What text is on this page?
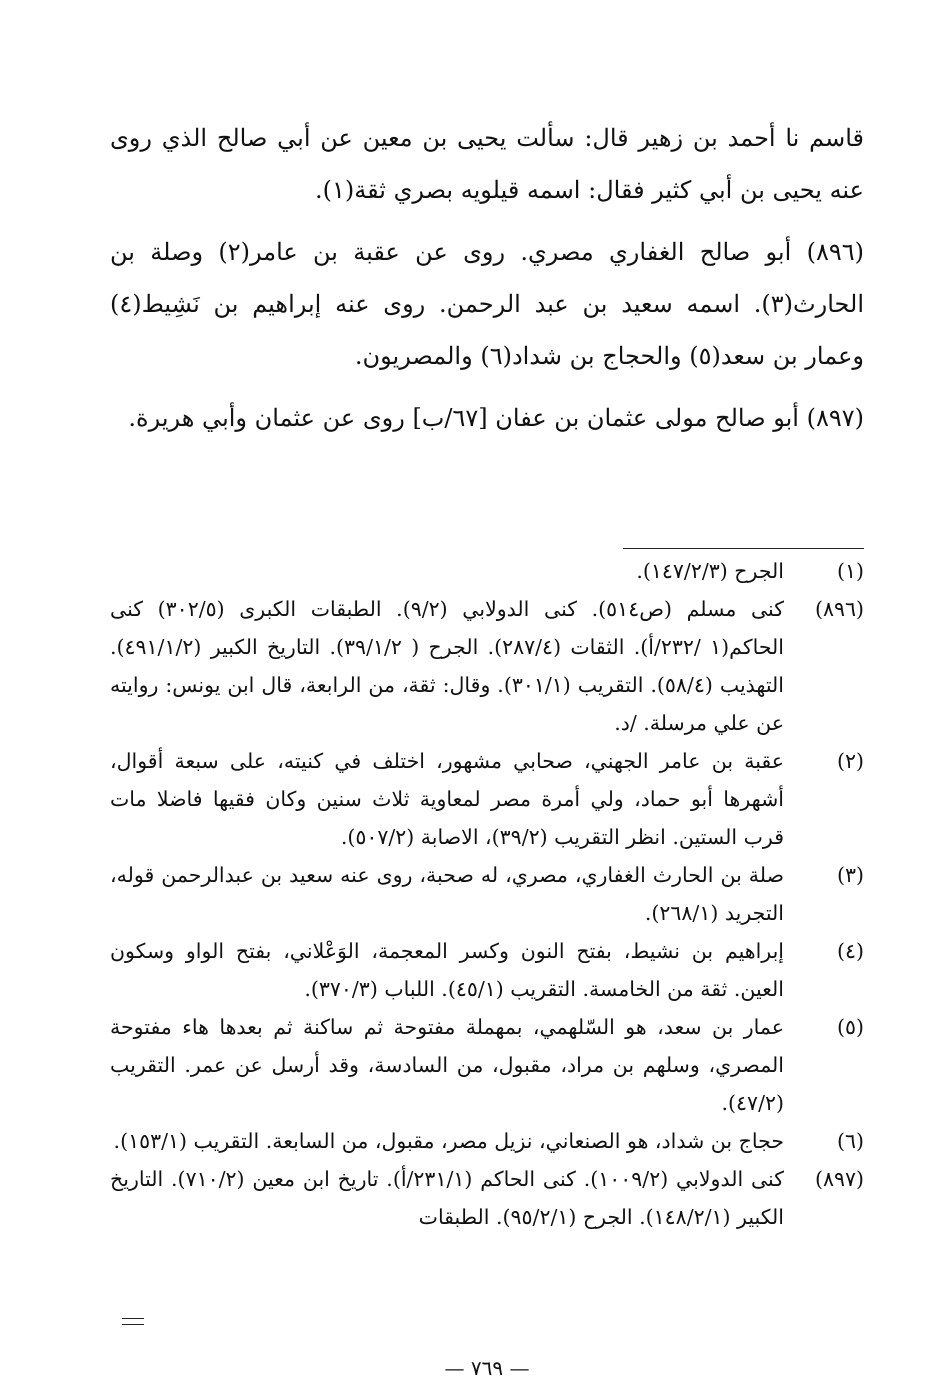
قاسم نا أحمد بن زهير قال: سألت يحيى بن معين عن أبي صالح الذي روى عنه يحيى بن أبي كثير فقال: اسمه قيلويه بصري ثقة(١).

(٨٩٦) أبو صالح الغفاري مصري. روى عن عقبة بن عامر(٢) وصلة بن الحارث(٣). اسمه سعيد بن عبد الرحمن. روى عنه إبراهيم بن نَشِيط(٤) وعمار بن سعد(٥) والحجاج بن شداد(٦) والمصريون.

(٨٩٧) أبو صالح مولى عثمان بن عفان [٦٧/ب] روى عن عثمان وأبي هريرة.

(١)
الجرح (١٤٧/٢/٣).
(٨٩٦)
كنى مسلم (ص٥١٤). كنى الدولابي (٩/٢). الطبقات الكبرى (٣٠٢/٥) كنى الحاكم(١ /٢٣٢/أ). الثقات (٢٨٧/٤). الجرح ( ٣٩/١/٢). التاريخ الكبير (٤٩١/١/٢). التهذيب (٥٨/٤). التقريب (٣٠١/١). وقال: ثقة، من الرابعة، قال ابن يونس: روايته عن علي مرسلة. /د.
(٢)
عقبة بن عامر الجهني، صحابي مشهور، اختلف في كنيته، على سبعة أقوال، أشهرها أبو حماد، ولي أمرة مصر لمعاوية ثلاث سنين وكان فقيها فاضلا مات قرب الستين. انظر التقريب (٣٩/٢)، الاصابة (٥٠٧/٢).
(٣)
صلة بن الحارث الغفاري، مصري، له صحبة، روى عنه سعيد بن عبدالرحمن قوله، التجريد (٢٦٨/١).
(٤)
إبراهيم بن نشيط، بفتح النون وكسر المعجمة، الوَعْلاني، بفتح الواو وسكون العين. ثقة من الخامسة. التقريب (٤٥/١). اللباب (٣٧٠/٣).
(٥)
عمار بن سعد، هو السّلهمي، بمهملة مفتوحة ثم ساكنة ثم بعدها هاء مفتوحة المصري، وسلهم بن مراد، مقبول، من السادسة، وقد أرسل عن عمر. التقريب (٤٧/٢).
(٦)
حجاج بن شداد، هو الصنعاني، نزيل مصر، مقبول، من السابعة. التقريب (١٥٣/١).
(٨٩٧)
كنى الدولابي (١٠٠٩/٢). كنى الحاكم (٢٣١/١/أ). تاريخ ابن معين (٧١٠/٢). التاريخ الكبير (١٤٨/٢/١). الجرح (٩٥/٢/١). الطبقات
— ٧٦٩ —
